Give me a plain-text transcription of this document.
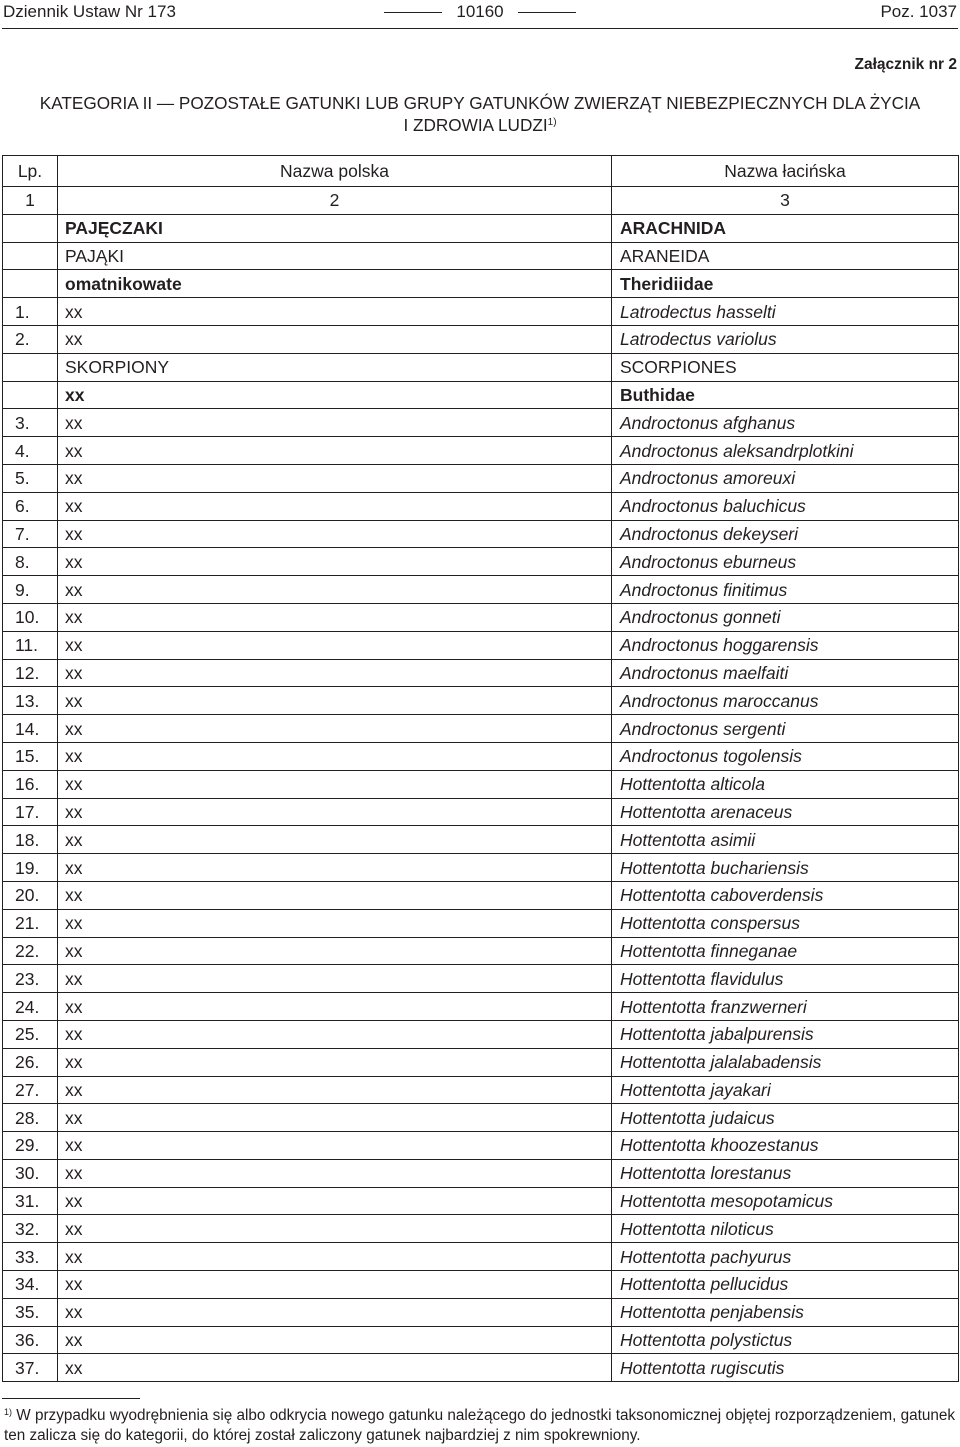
Dziennik Ustaw Nr 173	10160	Poz. 1037
Załącznik nr 2
KATEGORIA II — POZOSTAŁE GATUNKI LUB GRUPY GATUNKÓW ZWIERZĄT NIEBEZPIECZNYCH DLA ŻYCIA
I ZDROWIA LUDZI$^{1)}$
Lp.	Nazwa polska	Nazwa łacińska
1	2	3
	PAJĘCZAKI	ARACHNIDA
	PAJĄKI	ARANEIDA
	omatnikowate	Theridiidae
1.	xx	Latrodectus hasselti
2.	xx	Latrodectus variolus
	SKORPIONY	SCORPIONES
	xx	Buthidae
3.	xx	Androctonus afghanus
4.	xx	Androctonus aleksandrplotkini
5.	xx	Androctonus amoreuxi
6.	xx	Androctonus baluchicus
7.	xx	Androctonus dekeyseri
8.	xx	Androctonus eburneus
9.	xx	Androctonus finitimus
10.	xx	Androctonus gonneti
11.	xx	Androctonus hoggarensis
12.	xx	Androctonus maelfaiti
13.	xx	Androctonus maroccanus
14.	xx	Androctonus sergenti
15.	xx	Androctonus togolensis
16.	xx	Hottentotta alticola
17.	xx	Hottentotta arenaceus
18.	xx	Hottentotta asimii
19.	xx	Hottentotta buchariensis
20.	xx	Hottentotta caboverdensis
21.	xx	Hottentotta conspersus
22.	xx	Hottentotta finneganae
23.	xx	Hottentotta flavidulus
24.	xx	Hottentotta franzwerneri
25.	xx	Hottentotta jabalpurensis
26.	xx	Hottentotta jalalabadensis
27.	xx	Hottentotta jayakari
28.	xx	Hottentotta judaicus
29.	xx	Hottentotta khoozestanus
30.	xx	Hottentotta lorestanus
31.	xx	Hottentotta mesopotamicus
32.	xx	Hottentotta niloticus
33.	xx	Hottentotta pachyurus
34.	xx	Hottentotta pellucidus
35.	xx	Hottentotta penjabensis
36.	xx	Hottentotta polystictus
37.	xx	Hottentotta rugiscutis
$^{1)}$ W przypadku wyodrębnienia się albo odkrycia nowego gatunku należącego do jednostki taksonomicznej objętej rozporządzeniem, gatunek ten zalicza się do kategorii, do której został zaliczony gatunek najbardziej z nim spokrewniony.
